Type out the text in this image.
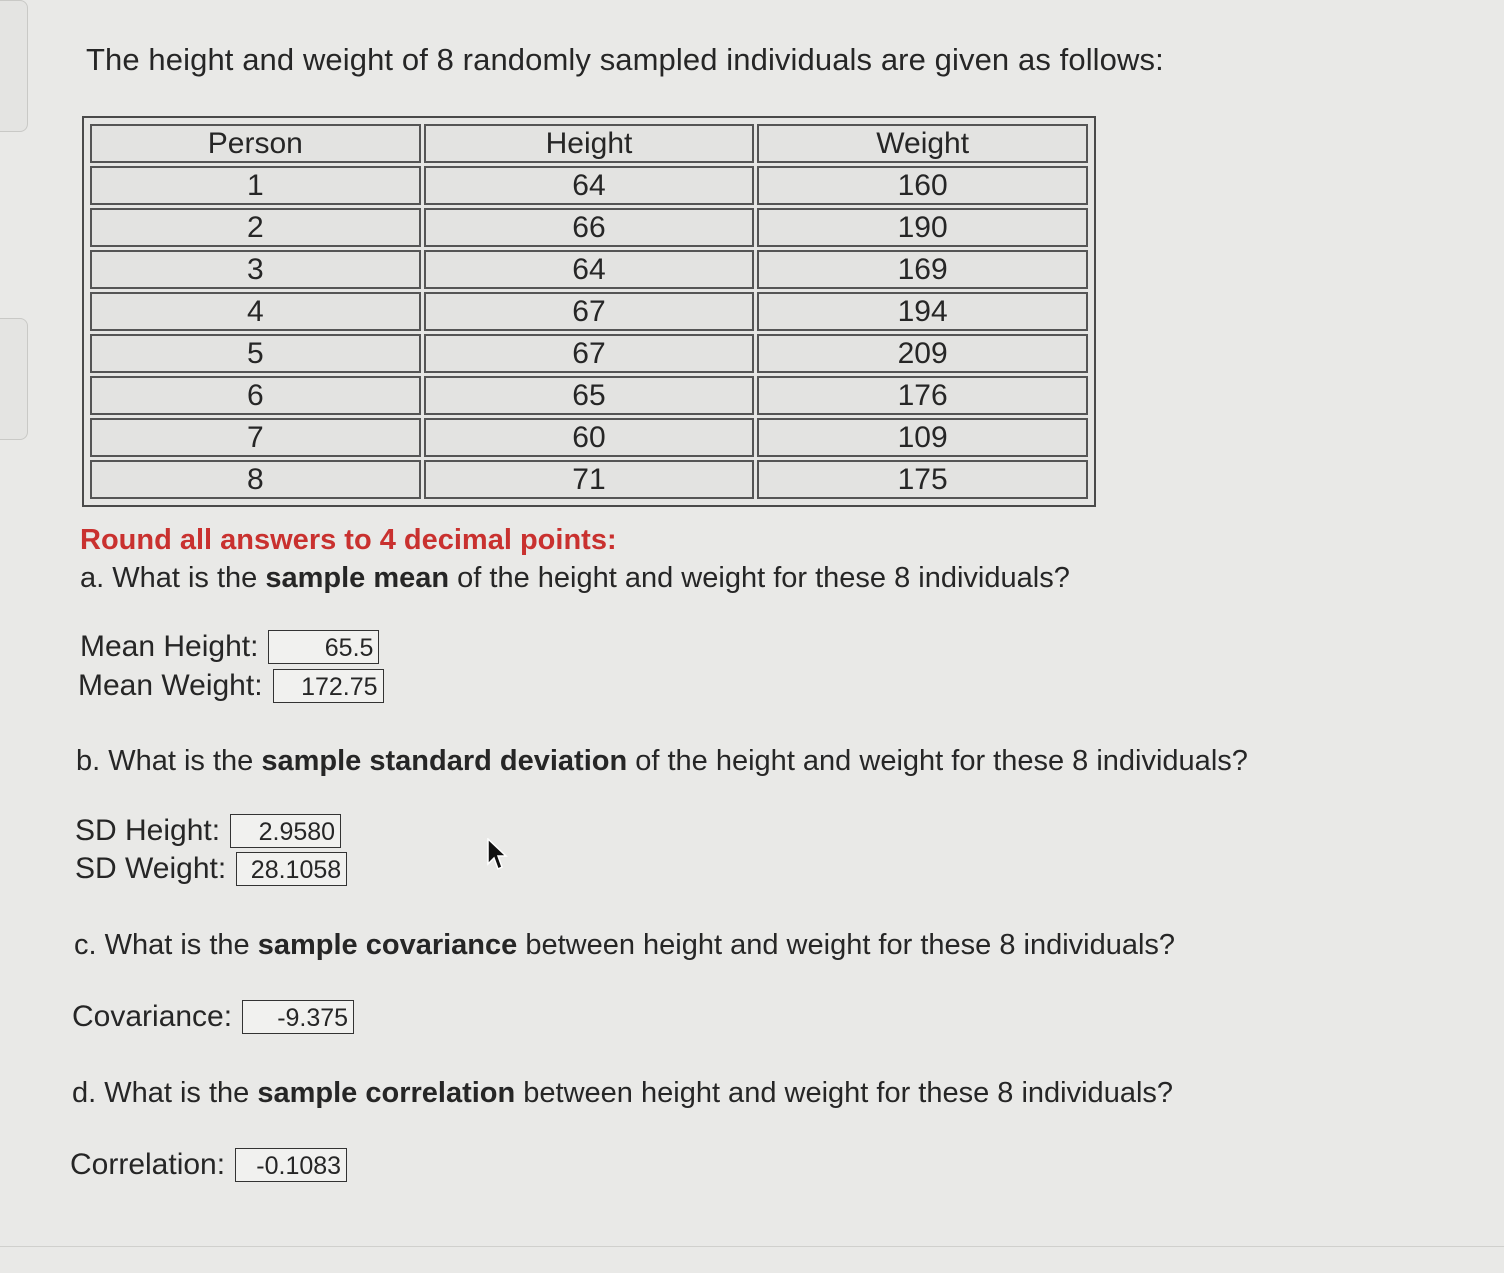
The height and weight of 8 randomly sampled individuals are given as follows:
Person	Height	Weight
1	64	160
2	66	190
3	64	169
4	67	194
5	67	209
6	65	176
7	60	109
8	71	175
Round all answers to 4 decimal points:
a. What is the sample mean of the height and weight for these 8 individuals?
Mean Height:	65.5
Mean Weight:	172.75
b. What is the sample standard deviation of the height and weight for these 8 individuals?
SD Height:	2.9580
SD Weight: 28.1058
c. What is the sample covariance between height and weight for these 8 individuals?
Covariance:	-9.375
d. What is the sample correlation between height and weight for these 8 individuals?
Correlation:	-0.1083
